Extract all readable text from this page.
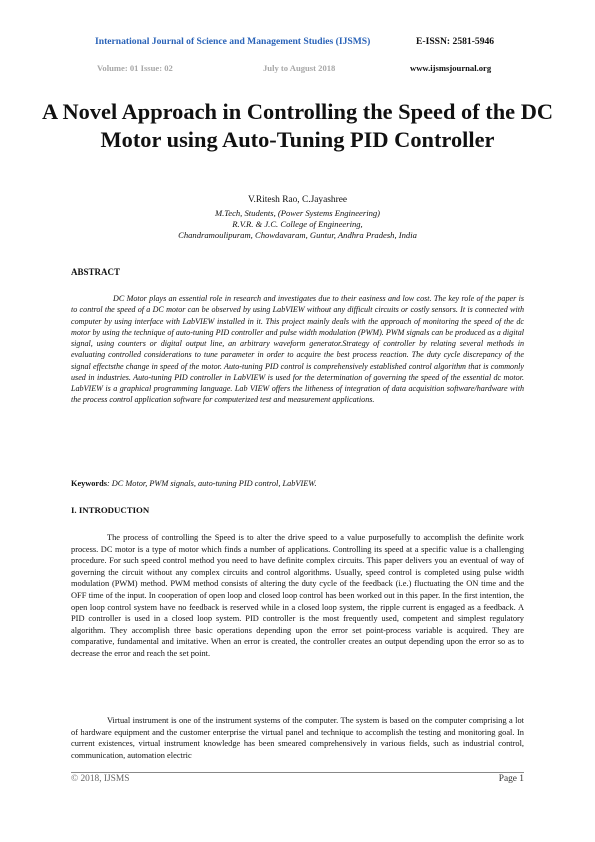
International Journal of Science and Management Studies (IJSMS)	E-ISSN: 2581-5946
Volume: 01 Issue: 02	July to August 2018	www.ijsmsjournal.org
A Novel Approach in Controlling the Speed of the DC Motor using Auto-Tuning PID Controller
V.Ritesh Rao, C.Jayashree
M.Tech, Students, (Power Systems Engineering)
R.V.R. & J.C. College of Engineering,
Chandramoulipuram, Chowdavaram, Guntur, Andhra Pradesh, India
ABSTRACT

DC Motor plays an essential role in research and investigates due to their easiness and low cost. The key role of the paper is to control the speed of a DC motor can be observed by using LabVIEW without any difficult circuits or costly sensors. It is connected with computer by using interface with LabVIEW installed in it. This project mainly deals with the approach of monitoring the speed of the dc motor by using the technique of auto-tuning PID controller and pulse width modulation (PWM). PWM signals can be produced as a digital signal, using counters or digital output line, an arbitrary waveform generator.Strategy of controller by relating several methods in evaluating controlled considerations to tune parameter in order to acquire the best process reaction. The duty cycle discrepancy of the signal effectsthe change in speed of the motor. Auto-tuning PID control is comprehensively established control algorithm that is commonly used in industries. Auto-tuning PID controller in LabVIEW is used for the determination of governing the speed of the essential dc motor. LabVIEW is a graphical programming language. Lab VIEW offers the litheness of integration of data acquisition software/hardware with the process control application software for computerized test and measurement applications.

Keywords: DC Motor, PWM signals, auto-tuning PID control, LabVIEW.
I. INTRODUCTION

The process of controlling the Speed is to alter the drive speed to a value purposefully to accomplish the definite work process. DC motor is a type of motor which finds a number of applications. Controlling its speed at a specific value is a challenging procedure. For such speed control method you need to have definite complex circuits. This paper delivers you an eventual of way of governing the circuit without any complex circuits and control algorithms. Usually, speed control is completed using pulse width modulation (PWM) method. PWM method consists of altering the duty cycle of the feedback (i.e.) fluctuating the ON time and the OFF time of the input. In cooperation of open loop and closed loop control has been worked out in this paper. In the first intention, the open loop control system have no feedback is reserved while in a closed loop system, the ripple current is engaged as a feedback. A PID controller is used in a closed loop system. PID controller is the most frequently used, competent and simplest regulatory algorithm. They accomplish three basic operations depending upon the error set point-process variable is acquired. They are comparative, fundamental and imitative. When an error is created, the controller creates an output depending upon the error so as to decrease the error and reach the set point.

Virtual instrument is one of the instrument systems of the computer. The system is based on the computer comprising a lot of hardware equipment and the customer enterprise the virtual panel and technique to accomplish the testing and monitoring goal. In current existences, virtual instrument knowledge has been smeared comprehensively in various fields, such as industrial control, communication, automation electric

© 2018, IJSMS	Page 1
